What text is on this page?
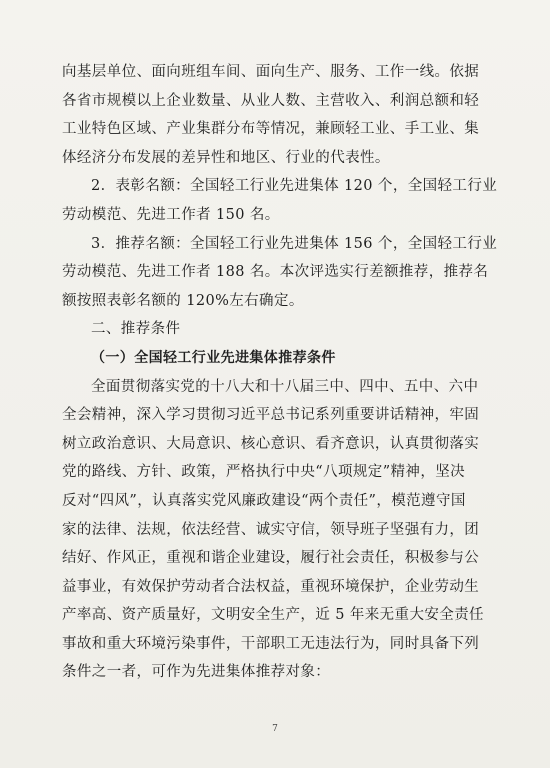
向基层单位、面向班组车间、面向生产、服务、工作一线。依据
各省市规模以上企业数量、从业人数、主营收入、利润总额和轻
工业特色区域、产业集群分布等情况，兼顾轻工业、手工业、集
体经济分布发展的差异性和地区、行业的代表性。

2．表彰名额：全国轻工行业先进集体 120 个，全国轻工行业
劳动模范、先进工作者 150 名。

3．推荐名额：全国轻工行业先进集体 156 个，全国轻工行业
劳动模范、先进工作者 188 名。本次评选实行差额推荐，推荐名
额按照表彰名额的 120%左右确定。

二、推荐条件
（一）全国轻工行业先进集体推荐条件

全面贯彻落实党的十八大和十八届三中、四中、五中、六中
全会精神，深入学习贯彻习近平总书记系列重要讲话精神，牢固
树立政治意识、大局意识、核心意识、看齐意识，认真贯彻落实
党的路线、方针、政策，严格执行中央“八项规定”精神，坚决
反对“四风”，认真落实党风廉政建设“两个责任”，模范遵守国
家的法律、法规，依法经营、诚实守信，领导班子坚强有力，团
结好、作风正，重视和谐企业建设，履行社会责任，积极参与公
益事业，有效保护劳动者合法权益，重视环境保护，企业劳动生
产率高、资产质量好，文明安全生产，近 5 年来无重大安全责任
事故和重大环境污染事件，干部职工无违法行为，同时具备下列
条件之一者，可作为先进集体推荐对象：

7
